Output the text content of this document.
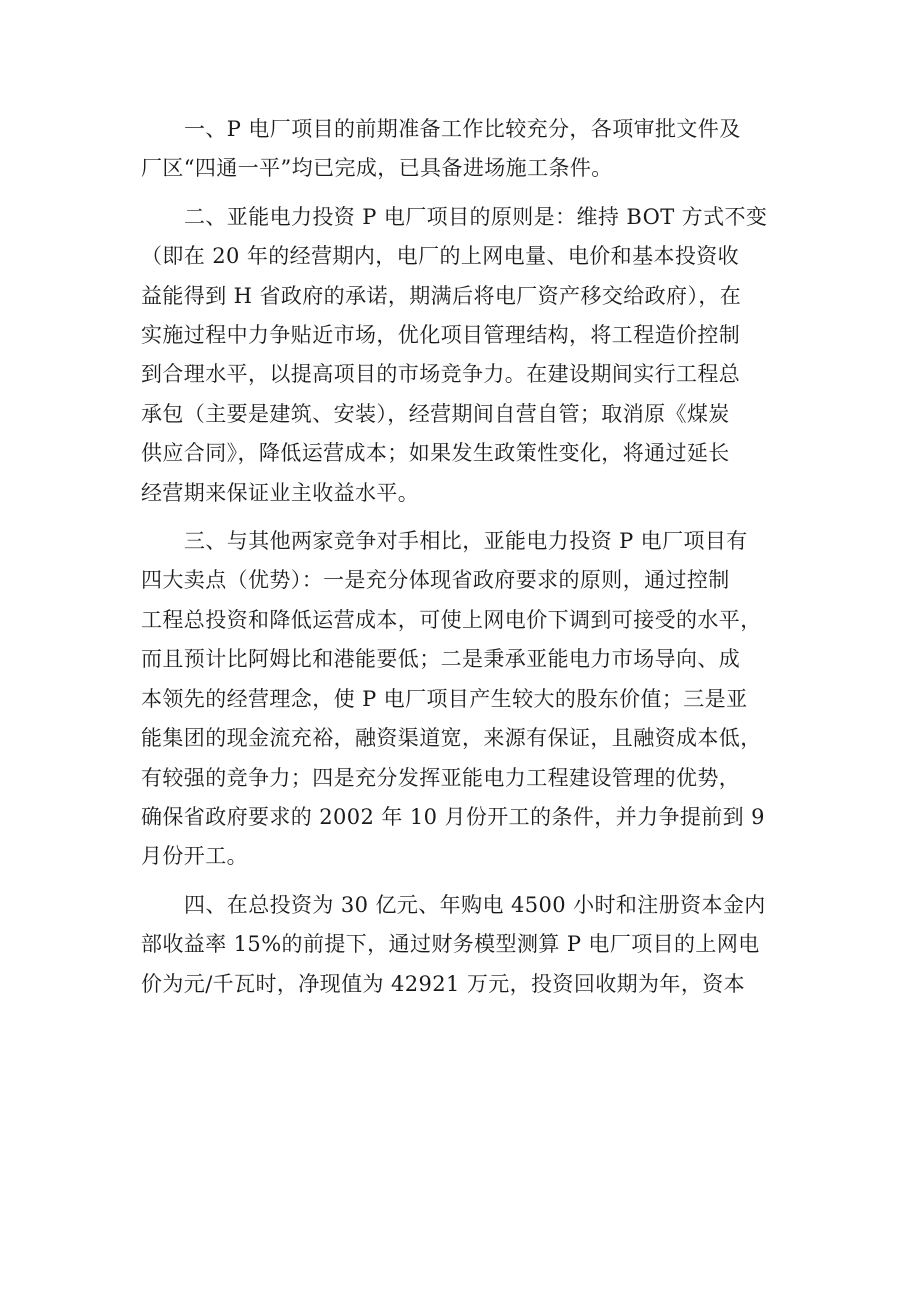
一、P 电厂项目的前期准备工作比较充分，各项审批文件及
厂区“四通一平”均已完成，已具备进场施工条件。
二、亚能电力投资 P 电厂项目的原则是：维持 BOT 方式不变
（即在 20 年的经营期内，电厂的上网电量、电价和基本投资收
益能得到 H 省政府的承诺，期满后将电厂资产移交给政府），在
实施过程中力争贴近市场，优化项目管理结构，将工程造价控制
到合理水平，以提高项目的市场竞争力。在建设期间实行工程总
承包（主要是建筑、安装），经营期间自营自管；取消原《煤炭
供应合同》，降低运营成本；如果发生政策性变化，将通过延长
经营期来保证业主收益水平。
三、与其他两家竞争对手相比，亚能电力投资 P 电厂项目有
四大卖点（优势）：一是充分体现省政府要求的原则，通过控制
工程总投资和降低运营成本，可使上网电价下调到可接受的水平，
而且预计比阿姆比和港能要低；二是秉承亚能电力市场导向、成
本领先的经营理念，使 P 电厂项目产生较大的股东价值；三是亚
能集团的现金流充裕，融资渠道宽，来源有保证，且融资成本低，
有较强的竞争力；四是充分发挥亚能电力工程建设管理的优势，
确保省政府要求的 2002 年 10 月份开工的条件，并力争提前到 9
月份开工。
四、在总投资为 30 亿元、年购电 4500 小时和注册资本金内
部收益率 15%的前提下，通过财务模型测算 P 电厂项目的上网电
价为元/千瓦时，净现值为 42921 万元，投资回收期为年，资本
